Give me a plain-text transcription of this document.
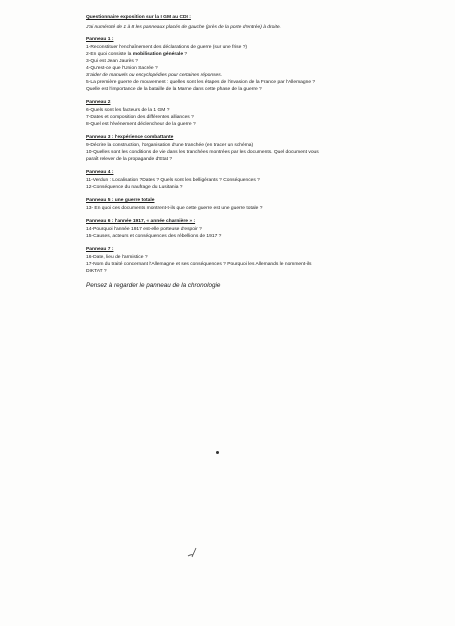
Questionnaire exposition sur la I GM au CDI :
J'ai numéroté de 1 à 8 les panneaux placés de gauche (près de la porte d'entrée) à droite.
Panneau 1 :
1-Reconstituer l'enchaînement des déclarations de guerre (sur une frise ?)
2-En quoi consiste la mobilisation générale ?
3-Qui est Jean Jaurès ?
4-Qu'est-ce que l'Union Sacrée ?
S'aider de manuels ou encyclopédies pour certaines réponses.
5-La première guerre de mouvement : quelles sont les étapes de l'invasion de la France par l'Allemagne ?
Quelle est l'importance de la bataille de la Marne dans cette phase de la guerre ?
Panneau 2
6-Quels sont les facteurs de la 1 GM ?
7-Dates et composition des différentes alliances ?
8-Quel est l'événement déclencheur de la guerre ?
Panneau 3 : l'expérience combattante
9-Décrire la construction, l'organisation d'une tranchée (en tracer un schéma)
10-Quelles sont les conditions de vie dans les tranchées montrées par les documents. Quel document vous
paraît relever de la propagande d'Etat ?
Panneau 4 :
11-Verdun : Localisation ?Dates ? Quels sont les belligérants ? Conséquences ?
12-Conséquence du naufrage du Lusitania ?
Panneau 5 : une guerre totale
13- En quoi ces documents montrent-t-ils que cette guerre est une guerre totale ?
Panneau 6 : l'année 1917, « année charnière » :
14-Pourquoi l'année 1917 est-elle porteuse d'espoir ?
15-Causes, acteurs et conséquences des rébellions de 1917 ?
Panneau 7 :
16-Date, lieu de l'armistice ?
17-Nom du traité concernant l'Allemagne et ses conséquences ? Pourquoi les Allemands le nomment-ils
DIKTAT ?
Pensez à regarder le panneau de la chronologie
